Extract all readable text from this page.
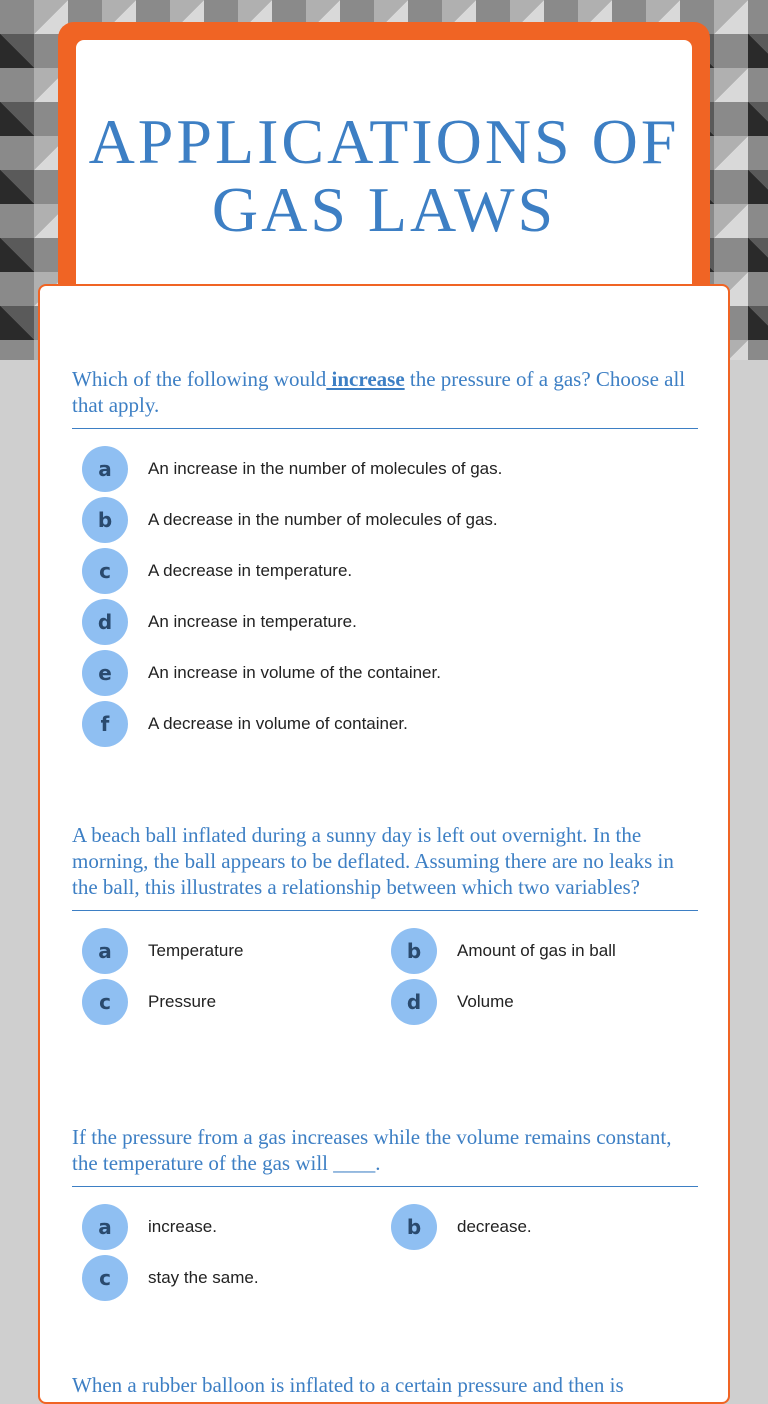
APPLICATIONS OF GAS LAWS

Which of the following would increase the pressure of a gas? Choose all that apply.

a	An increase in the number of molecules of gas.
b	A decrease in the number of molecules of gas.
c	A decrease in temperature.
d	An increase in temperature.
e	An increase in volume of the container.
f	A decrease in volume of container.

A beach ball inflated during a sunny day is left out overnight. In the morning, the ball appears to be deflated. Assuming there are no leaks in the ball, this illustrates a relationship between which two variables?

a	Temperature	b	Amount of gas in ball
c	Pressure	d	Volume

If the pressure from a gas increases while the volume remains constant, the temperature of the gas will ____.

a	increase.	b	decrease.
c	stay the same.

When a rubber balloon is inflated to a certain pressure and then is
